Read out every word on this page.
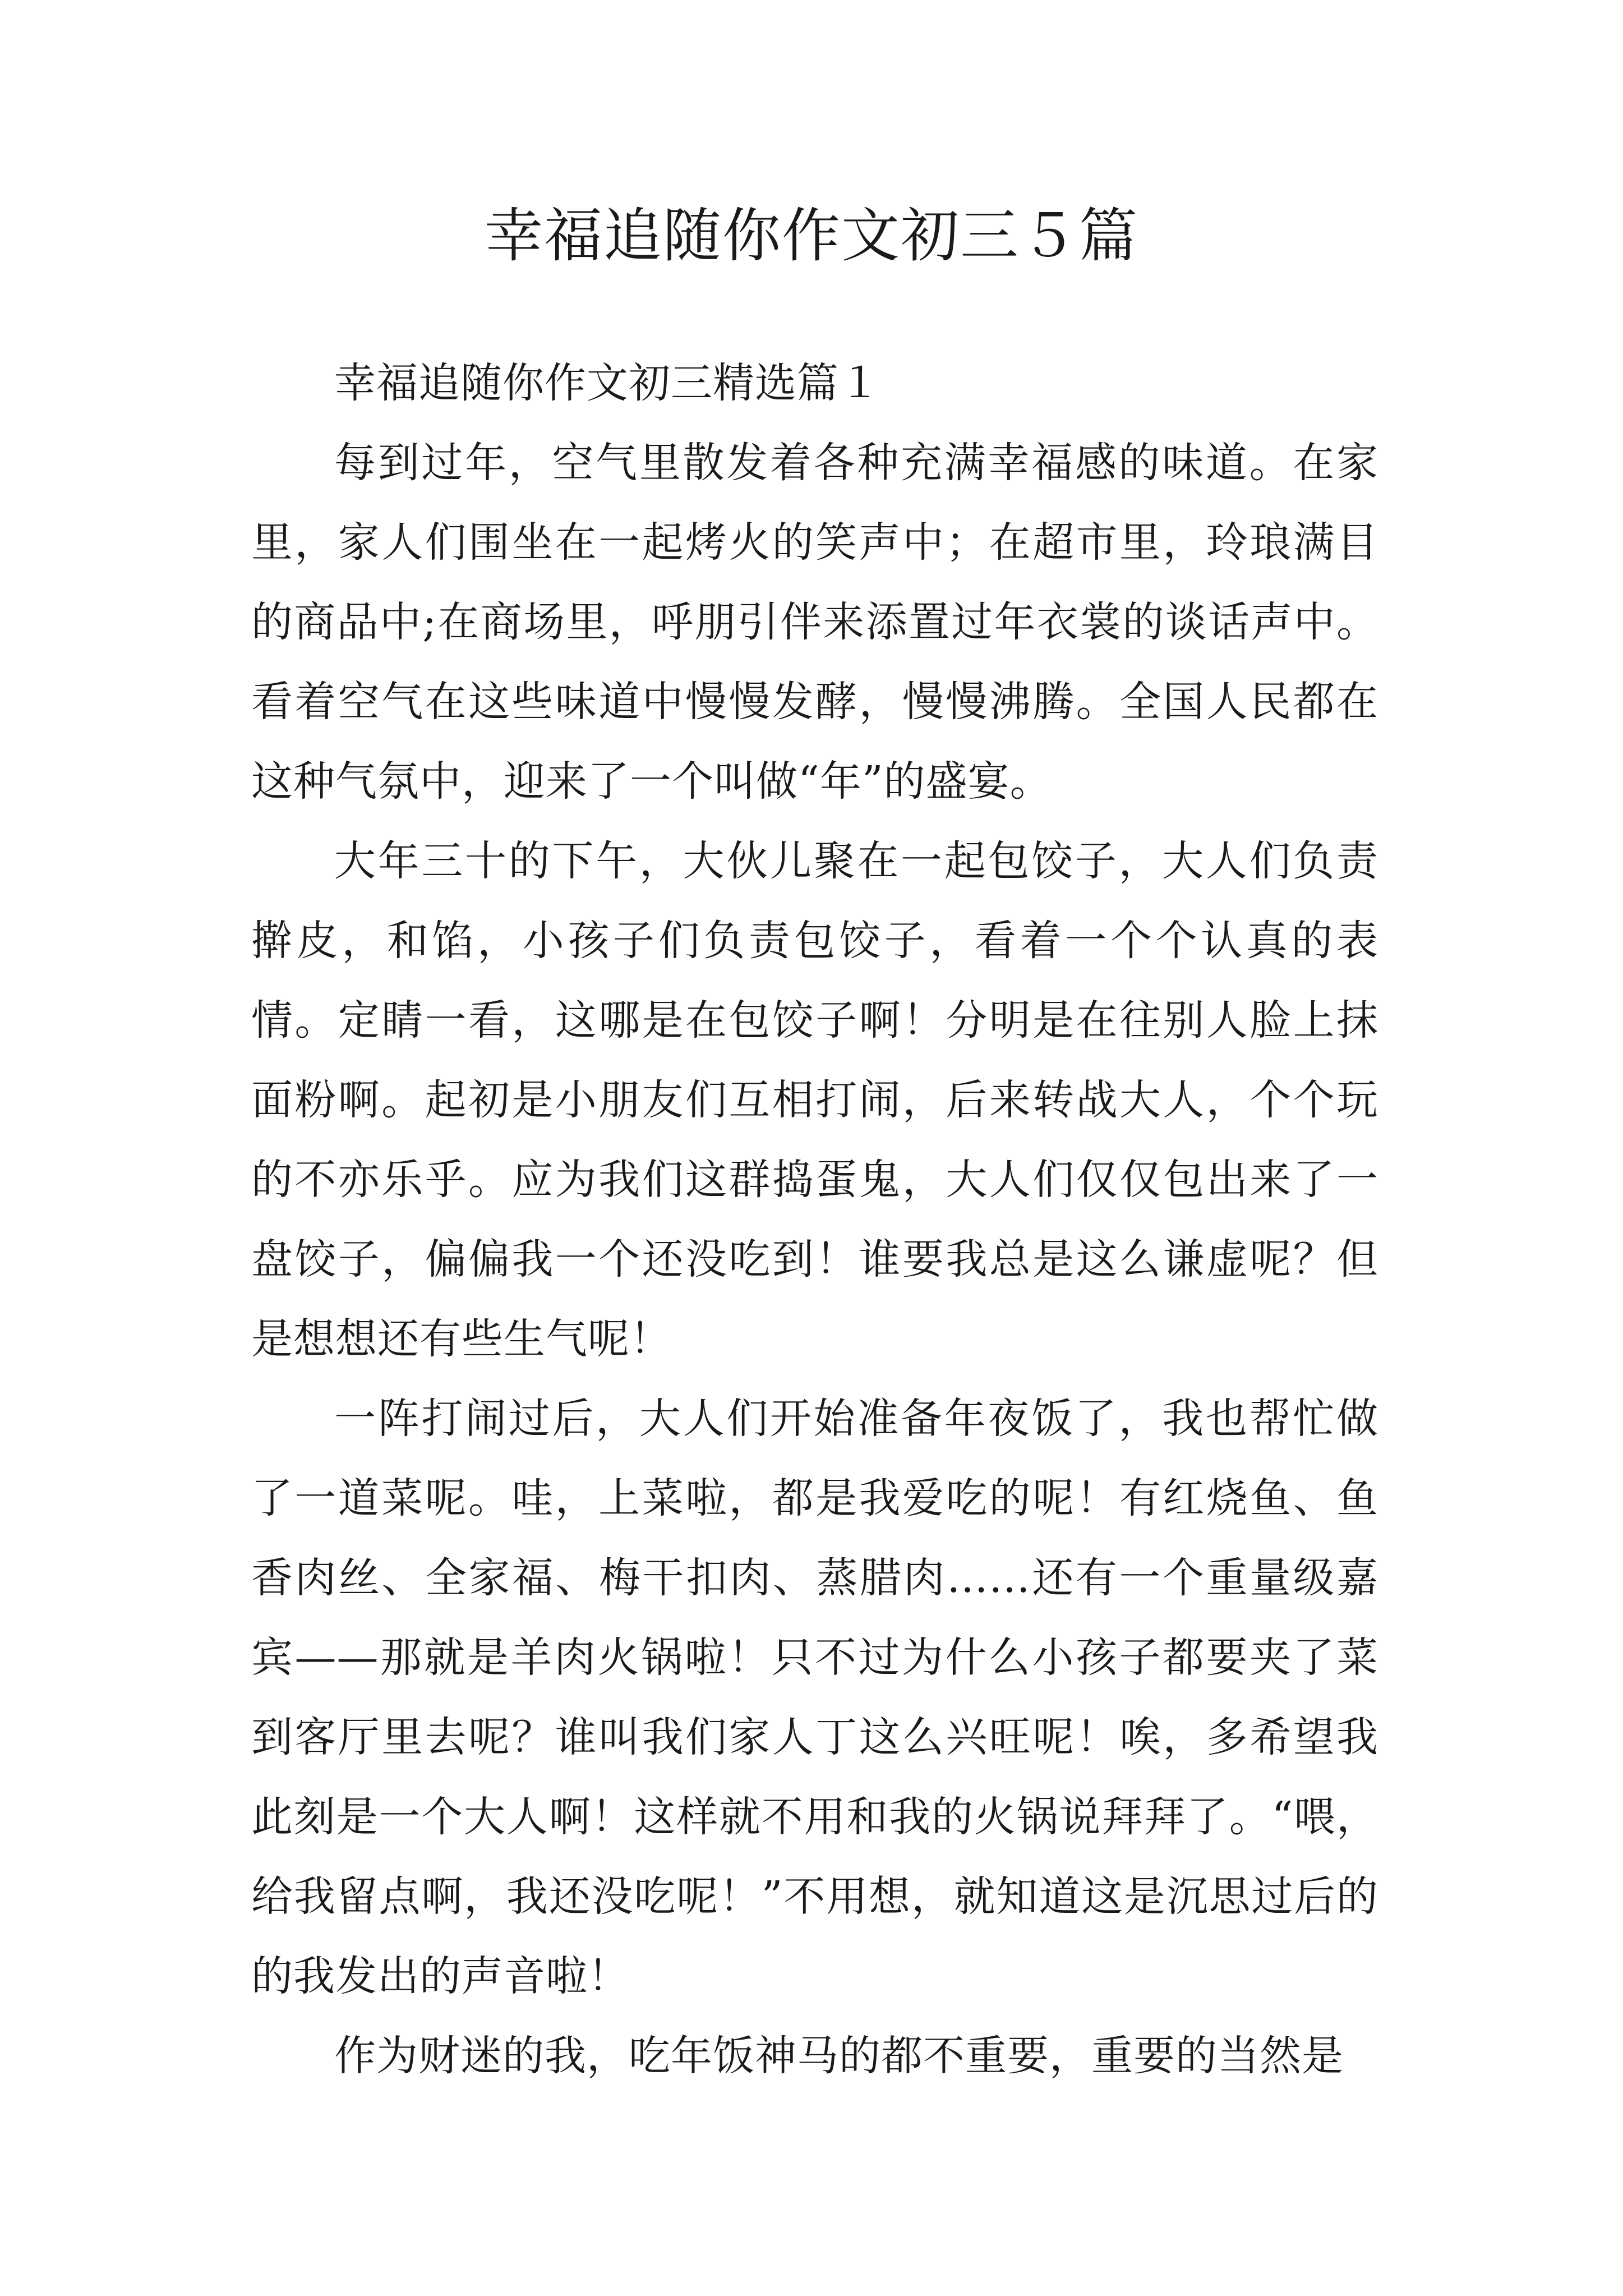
幸福追随你作文初三５篇

幸福追随你作文初三精选篇１

每到过年，空气里散发着各种充满幸福感的味道。在家里，家人们围坐在一起烤火的笑声中；在超市里，玲琅满目的商品中;在商场里，呼朋引伴来添置过年衣裳的谈话声中。看着空气在这些味道中慢慢发酵，慢慢沸腾。全国人民都在这种气氛中，迎来了一个叫做“年”的盛宴。

大年三十的下午，大伙儿聚在一起包饺子，大人们负责擀皮，和馅，小孩子们负责包饺子，看着一个个认真的表情。定睛一看，这哪是在包饺子啊！分明是在往别人脸上抹面粉啊。起初是小朋友们互相打闹，后来转战大人，个个玩的不亦乐乎。应为我们这群捣蛋鬼，大人们仅仅包出来了一盘饺子，偏偏我一个还没吃到！谁要我总是这么谦虚呢？但是想想还有些生气呢！

一阵打闹过后，大人们开始准备年夜饭了，我也帮忙做了一道菜呢。哇，上菜啦，都是我爱吃的呢！有红烧鱼、鱼香肉丝、全家福、梅干扣肉、蒸腊肉……还有一个重量级嘉宾——那就是羊肉火锅啦！只不过为什么小孩子都要夹了菜到客厅里去呢？谁叫我们家人丁这么兴旺呢！唉，多希望我此刻是一个大人啊！这样就不用和我的火锅说拜拜了。“喂，给我留点啊，我还没吃呢！”不用想，就知道这是沉思过后的的我发出的声音啦！

作为财迷的我，吃年饭神马的都不重要，重要的当然是
